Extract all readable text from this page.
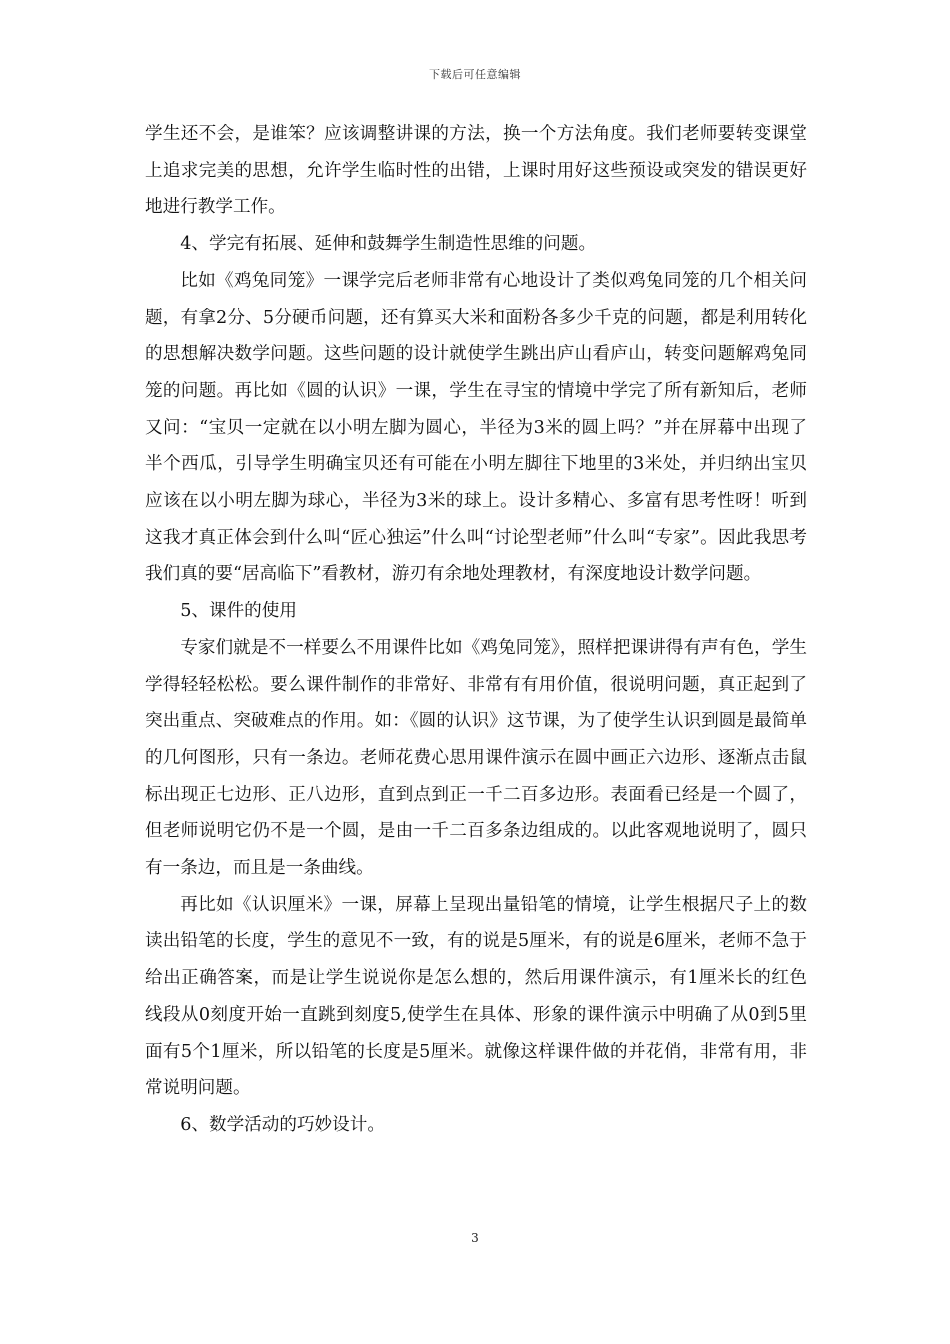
下载后可任意编辑

学生还不会，是谁笨？应该调整讲课的方法，换一个方法角度。我们老师要转变课堂上追求完美的思想，允许学生临时性的出错，上课时用好这些预设或突发的错误更好地进行教学工作。

4、学完有拓展、延伸和鼓舞学生制造性思维的问题。

比如《鸡兔同笼》一课学完后老师非常有心地设计了类似鸡兔同笼的几个相关问题，有拿2分、5分硬币问题，还有算买大米和面粉各多少千克的问题，都是利用转化的思想解决数学问题。这些问题的设计就使学生跳出庐山看庐山，转变问题解鸡兔同笼的问题。再比如《圆的认识》一课，学生在寻宝的情境中学完了所有新知后，老师又问：“宝贝一定就在以小明左脚为圆心，半径为3米的圆上吗？”并在屏幕中出现了半个西瓜，引导学生明确宝贝还有可能在小明左脚往下地里的3米处，并归纳出宝贝应该在以小明左脚为球心，半径为3米的球上。设计多精心、多富有思考性呀！听到这我才真正体会到什么叫“匠心独运”什么叫“讨论型老师”什么叫“专家”。因此我思考我们真的要“居高临下”看教材，游刃有余地处理教材，有深度地设计数学问题。

5、课件的使用

专家们就是不一样要么不用课件比如《鸡兔同笼》，照样把课讲得有声有色，学生学得轻轻松松。要么课件制作的非常好、非常有有用价值，很说明问题，真正起到了突出重点、突破难点的作用。如：《圆的认识》这节课，为了使学生认识到圆是最简单的几何图形，只有一条边。老师花费心思用课件演示在圆中画正六边形、逐渐点击鼠标出现正七边形、正八边形，直到点到正一千二百多边形。表面看已经是一个圆了，但老师说明它仍不是一个圆，是由一千二百多条边组成的。以此客观地说明了，圆只有一条边，而且是一条曲线。

再比如《认识厘米》一课，屏幕上呈现出量铅笔的情境，让学生根据尺子上的数读出铅笔的长度，学生的意见不一致，有的说是5厘米，有的说是6厘米，老师不急于给出正确答案，而是让学生说说你是怎么想的，然后用课件演示，有1厘米长的红色线段从0刻度开始一直跳到刻度5,使学生在具体、形象的课件演示中明确了从0到5里面有5个1厘米，所以铅笔的长度是5厘米。就像这样课件做的并花俏，非常有用，非常说明问题。

6、数学活动的巧妙设计。

3
